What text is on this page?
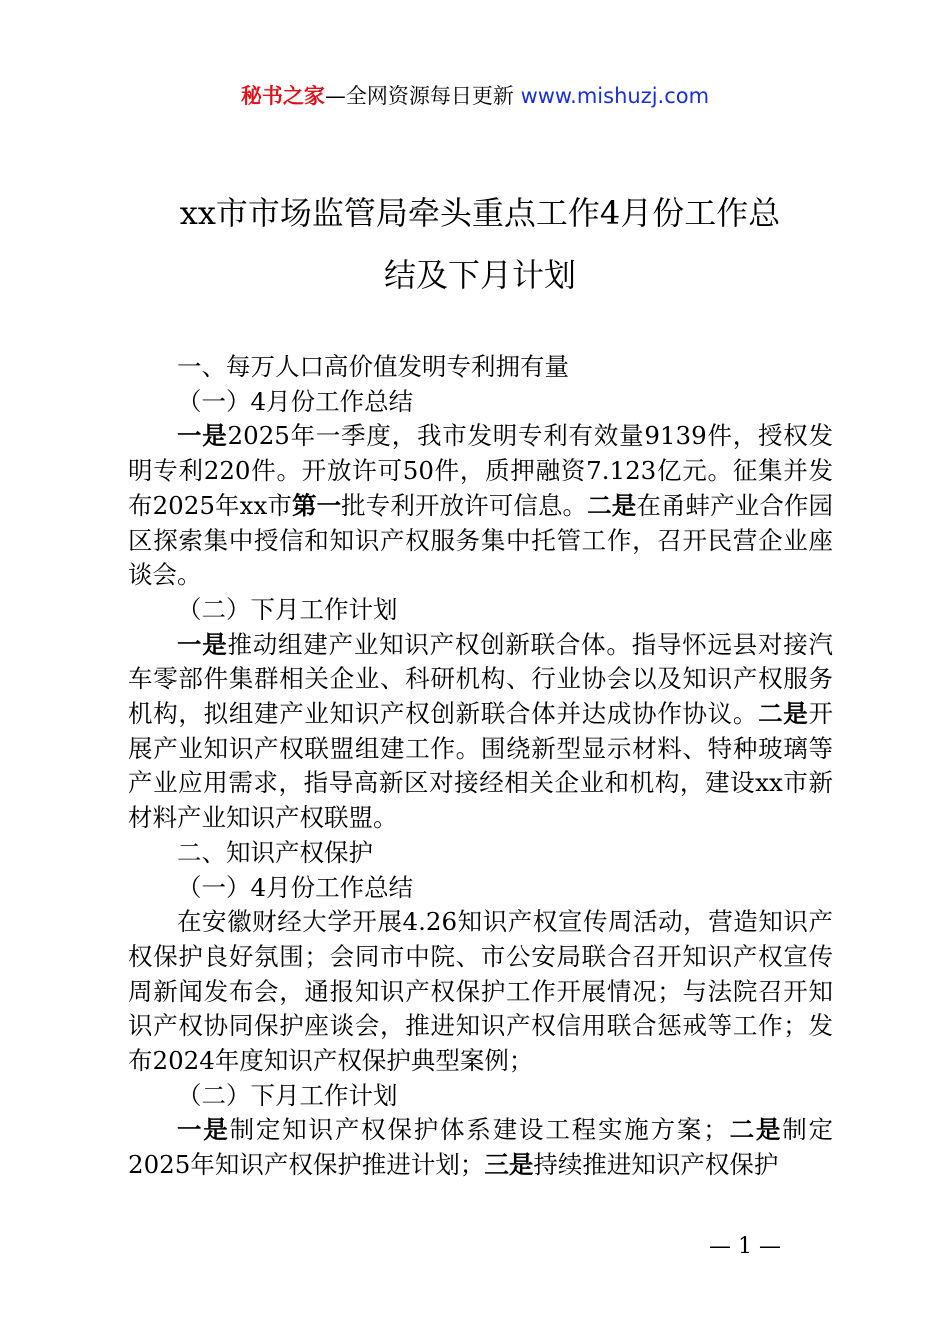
秘书之家—全网资源每日更新 www.mishuzj.com
xx市市场监管局牵头重点工作4月份工作总
结及下月计划

一、每万人口高价值发明专利拥有量

（一）4月份工作总结

一是2025年一季度，我市发明专利有效量9139件，授权发明专利220件。开放许可50件，质押融资7.123亿元。征集并发布2025年xx市第一批专利开放许可信息。二是在甬蚌产业合作园区探索集中授信和知识产权服务集中托管工作，召开民营企业座谈会。

（二）下月工作计划

一是推动组建产业知识产权创新联合体。指导怀远县对接汽车零部件集群相关企业、科研机构、行业协会以及知识产权服务机构，拟组建产业知识产权创新联合体并达成协作协议。二是开展产业知识产权联盟组建工作。围绕新型显示材料、特种玻璃等产业应用需求，指导高新区对接经相关企业和机构，建设xx市新材料产业知识产权联盟。

二、知识产权保护

（一）4月份工作总结

在安徽财经大学开展4.26知识产权宣传周活动，营造知识产权保护良好氛围；会同市中院、市公安局联合召开知识产权宣传周新闻发布会，通报知识产权保护工作开展情况；与法院召开知识产权协同保护座谈会，推进知识产权信用联合惩戒等工作；发布2024年度知识产权保护典型案例；

（二）下月工作计划

一是制定知识产权保护体系建设工程实施方案；二是制定2025年知识产权保护推进计划；三是持续推进知识产权保护

— 1 —
